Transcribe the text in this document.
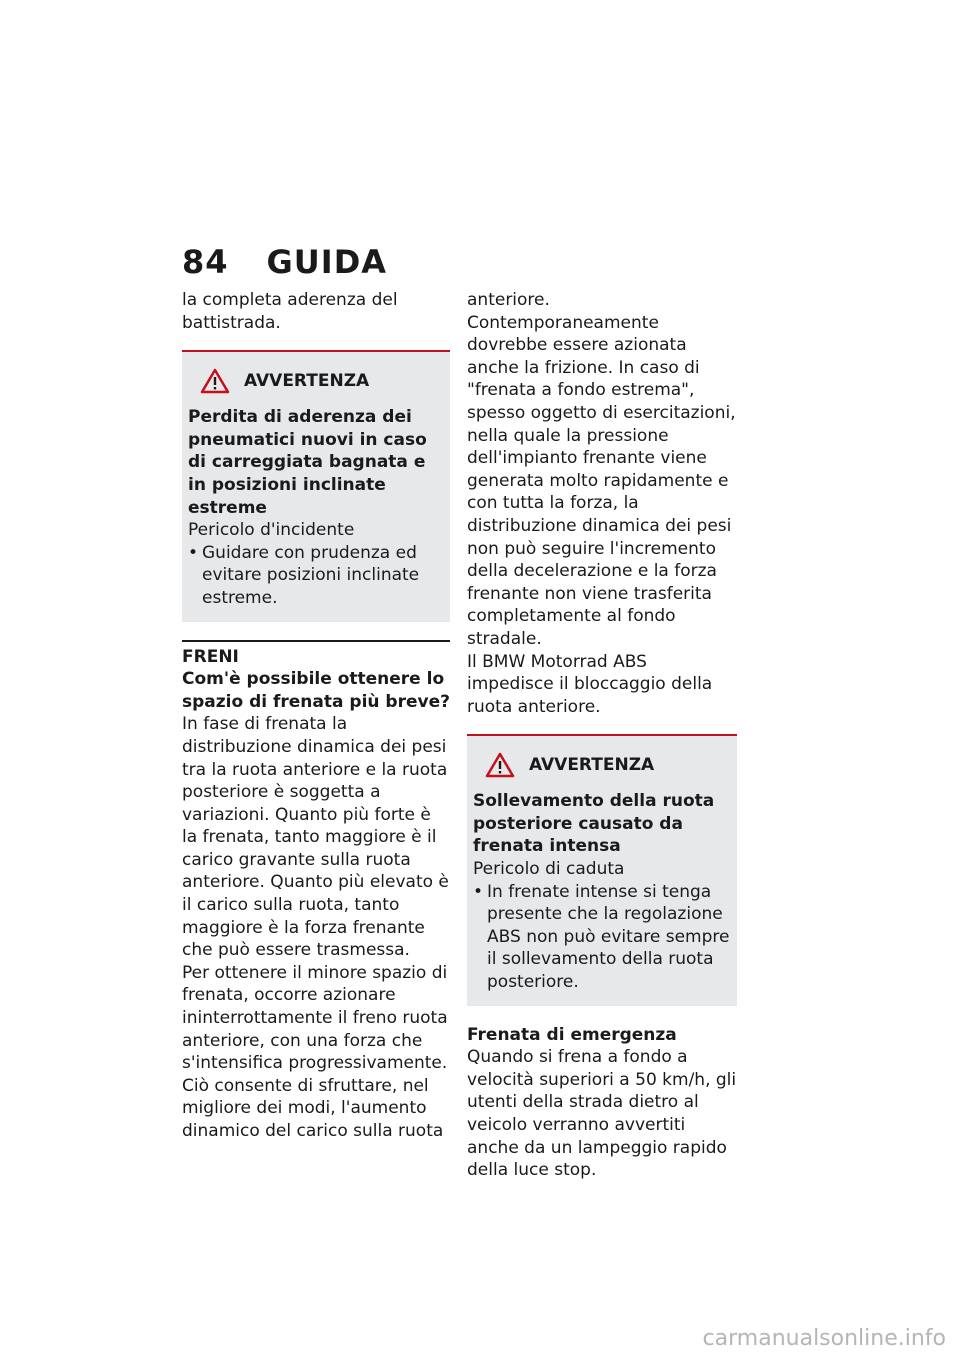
84 GUIDA

la completa aderenza del battistrada.

AVVERTENZA

Perdita di aderenza dei pneumatici nuovi in caso di carreggiata bagnata e in posizioni inclinate estreme

Pericolo d'incidente

• Guidare con prudenza ed evitare posizioni inclinate estreme.
FRENI

Com'è possibile ottenere lo spazio di frenata più breve?

In fase di frenata la distribuzione dinamica dei pesi tra la ruota anteriore e la ruota posteriore è soggetta a variazioni. Quanto più forte è la frenata, tanto maggiore è il carico gravante sulla ruota anteriore. Quanto più elevato è il carico sulla ruota, tanto maggiore è la forza frenante che può essere trasmessa.

Per ottenere il minore spazio di frenata, occorre azionare ininterrottamente il freno ruota anteriore, con una forza che s'intensifica progressivamente. Ciò consente di sfruttare, nel migliore dei modi, l'aumento dinamico del carico sulla ruota

anteriore. Contemporaneamente dovrebbe essere azionata anche la frizione. In caso di "frenata a fondo estrema", spesso oggetto di esercitazioni, nella quale la pressione dell'impianto frenante viene generata molto rapidamente e con tutta la forza, la distribuzione dinamica dei pesi non può seguire l'incremento della decelerazione e la forza frenante non viene trasferita completamente al fondo stradale.

Il BMW Motorrad ABS impedisce il bloccaggio della ruota anteriore.

AVVERTENZA

Sollevamento della ruota posteriore causato da frenata intensa

Pericolo di caduta

• In frenate intense si tenga presente che la regolazione ABS non può evitare sempre il sollevamento della ruota posteriore.

Frenata di emergenza

Quando si frena a fondo a velocità superiori a 50 km/h, gli utenti della strada dietro al veicolo verranno avvertiti anche da un lampeggio rapido della luce stop.

carmanualsonline.info
